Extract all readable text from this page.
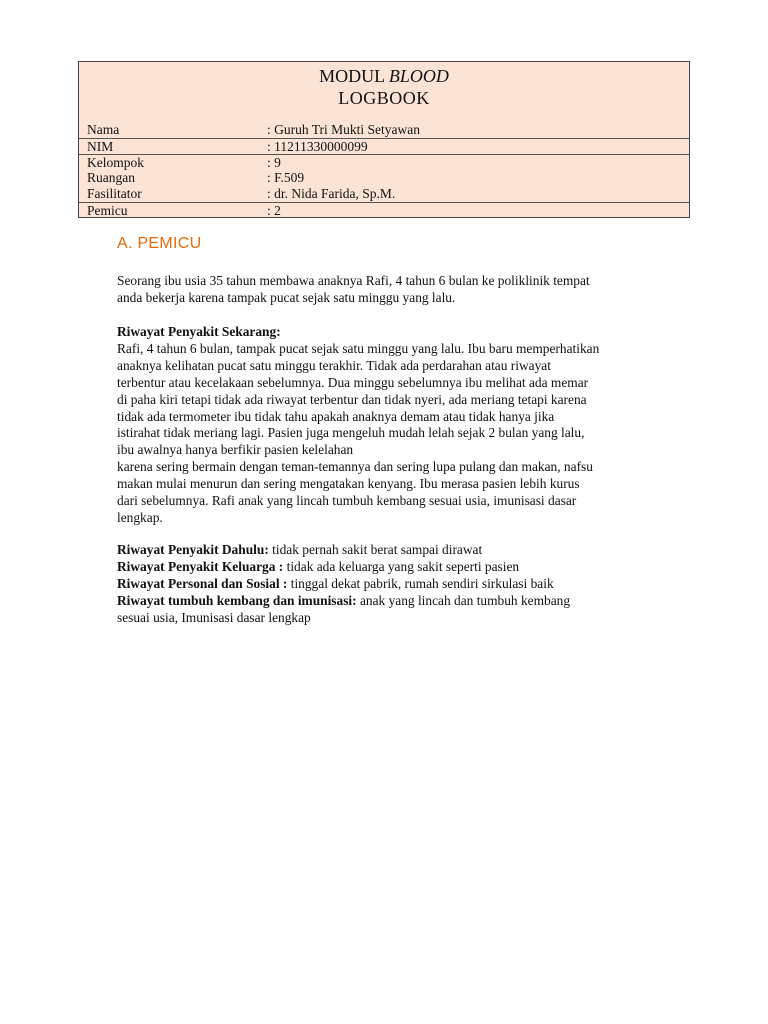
MODUL BLOOD
LOGBOOK
Nama	: Guruh Tri Mukti Setyawan
NIM	: 11211330000099
Kelompok	: 9
Ruangan	: F.509
Fasilitator	: dr. Nida Farida, Sp.M.
Pemicu	: 2
A. PEMICU

Seorang ibu usia 35 tahun membawa anaknya Rafi, 4 tahun 6 bulan ke poliklinik tempat
anda bekerja karena tampak pucat sejak satu minggu yang lalu.

Riwayat Penyakit Sekarang:

Rafi, 4 tahun 6 bulan, tampak pucat sejak satu minggu yang lalu. Ibu baru memperhatikan
anaknya kelihatan pucat satu minggu terakhir. Tidak ada perdarahan atau riwayat
terbentur atau kecelakaan sebelumnya. Dua minggu sebelumnya ibu melihat ada memar
di paha kiri tetapi tidak ada riwayat terbentur dan tidak nyeri, ada meriang tetapi karena
tidak ada termometer ibu tidak tahu apakah anaknya demam atau tidak hanya jika
istirahat tidak meriang lagi. Pasien juga mengeluh mudah lelah sejak 2 bulan yang lalu,
ibu awalnya hanya berfikir pasien kelelahan
karena sering bermain dengan teman-temannya dan sering lupa pulang dan makan, nafsu
makan mulai menurun dan sering mengatakan kenyang. Ibu merasa pasien lebih kurus
dari sebelumnya. Rafi anak yang lincah tumbuh kembang sesuai usia, imunisasi dasar
lengkap.

Riwayat Penyakit Dahulu: tidak pernah sakit berat sampai dirawat

Riwayat Penyakit Keluarga : tidak ada keluarga yang sakit seperti pasien

Riwayat Personal dan Sosial : tinggal dekat pabrik, rumah sendiri sirkulasi baik

Riwayat tumbuh kembang dan imunisasi: anak yang lincah dan tumbuh kembang
sesuai usia, Imunisasi dasar lengkap
